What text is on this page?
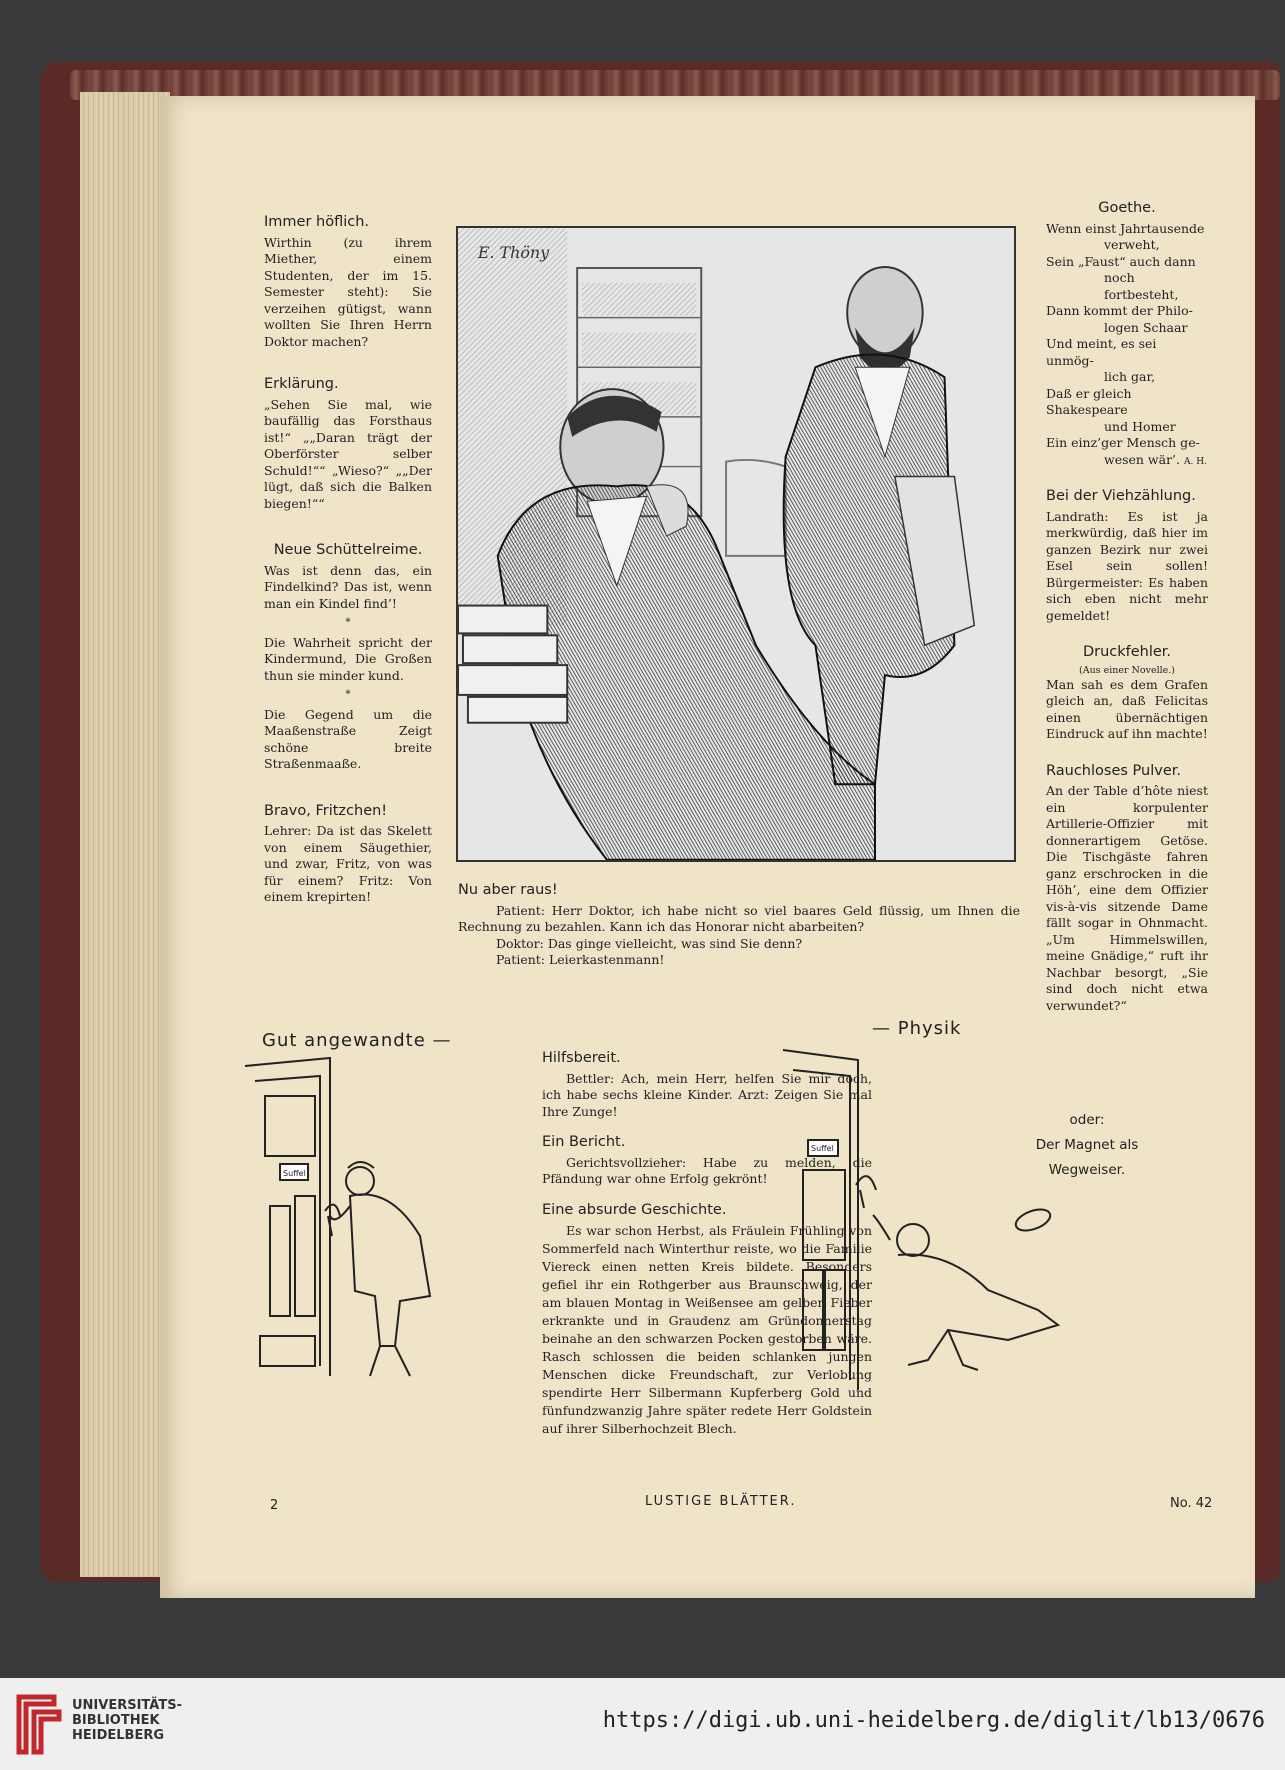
Immer höflich.
Wirthin (zu ihrem Miether, einem Studenten, der im 15. Semester steht): Sie verzeihen gütigst, wann wollten Sie Ihren Herrn Doktor machen?
Erklärung.
„Sehen Sie mal, wie baufällig das Forsthaus ist!“ „„Daran trägt der Oberförster selber Schuld!““ „Wieso?“ „„Der lügt, daß sich die Balken biegen!““
Neue Schüttelreime.
Was ist denn das, ein Findelkind? Das ist, wenn man ein Kindel find’!
*
Die Wahrheit spricht der Kindermund, Die Großen thun sie minder kund.
*
Die Gegend um die Maaßenstraße Zeigt schöne breite Straßenmaaße.
Bravo, Fritzchen!
Lehrer: Da ist das Skelett von einem Säugethier, und zwar, Fritz, von was für einem? Fritz: Von einem krepirten!
E. Thöny
Nu aber raus!
Patient: Herr Doktor, ich habe nicht so viel baares Geld flüssig, um Ihnen die Rechnung zu bezahlen. Kann ich das Honorar nicht abarbeiten?
Doktor: Das ginge vielleicht, was sind Sie denn?
Patient: Leierkastenmann!
Goethe.
Wenn einst Jahrtausende
verweht,
Sein „Faust“ auch dann
noch fortbesteht,
Dann kommt der Philo-
logen Schaar
Und meint, es sei unmög-
lich gar,
Daß er gleich Shakespeare
und Homer
Ein einz’ger Mensch ge-
wesen wär’. A. H.
Bei der Viehzählung.
Landrath: Es ist ja merkwürdig, daß hier im ganzen Bezirk nur zwei Esel sein sollen! Bürgermeister: Es haben sich eben nicht mehr gemeldet!
Druckfehler.
(Aus einer Novelle.)
Man sah es dem Grafen gleich an, daß Felicitas einen übernächtigen Eindruck auf ihn machte!
Rauchloses Pulver.
An der Table d’hôte niest ein korpulenter Artillerie-Offizier mit donnerartigem Getöse. Die Tischgäste fahren ganz erschrocken in die Höh’, eine dem Offizier vis-à-vis sitzende Dame fällt sogar in Ohnmacht. „Um Himmelswillen, meine Gnädige,“ ruft ihr Nachbar besorgt, „Sie sind doch nicht etwa verwundet?“
Gut angewandte —
— Physik
Suffel
Suffel
oder:
Der Magnet als
Wegweiser.
Hilfsbereit.
Bettler: Ach, mein Herr, helfen Sie mir doch, ich habe sechs kleine Kinder. Arzt: Zeigen Sie mal Ihre Zunge!
Ein Bericht.
Gerichtsvollzieher: Habe zu melden, die Pfändung war ohne Erfolg gekrönt!
Eine absurde Geschichte.
Es war schon Herbst, als Fräulein Frühling von Sommerfeld nach Winterthur reiste, wo die Familie Viereck einen netten Kreis bildete. Besonders gefiel ihr ein Rothgerber aus Braunschweig, der am blauen Montag in Weißensee am gelben Fieber erkrankte und in Graudenz am Gründonnerstag beinahe an den schwarzen Pocken gestorben wäre. Rasch schlossen die beiden schlanken jungen Menschen dicke Freundschaft, zur Verlobung spendirte Herr Silbermann Kupferberg Gold und fünfundzwanzig Jahre später redete Herr Goldstein auf ihrer Silberhochzeit Blech.
2	LUSTIGE BLÄTTER.	No. 42
UNIVERSITÄTS-
BIBLIOTHEK
HEIDELBERG
https://digi.ub.uni-heidelberg.de/diglit/lb13/0676
